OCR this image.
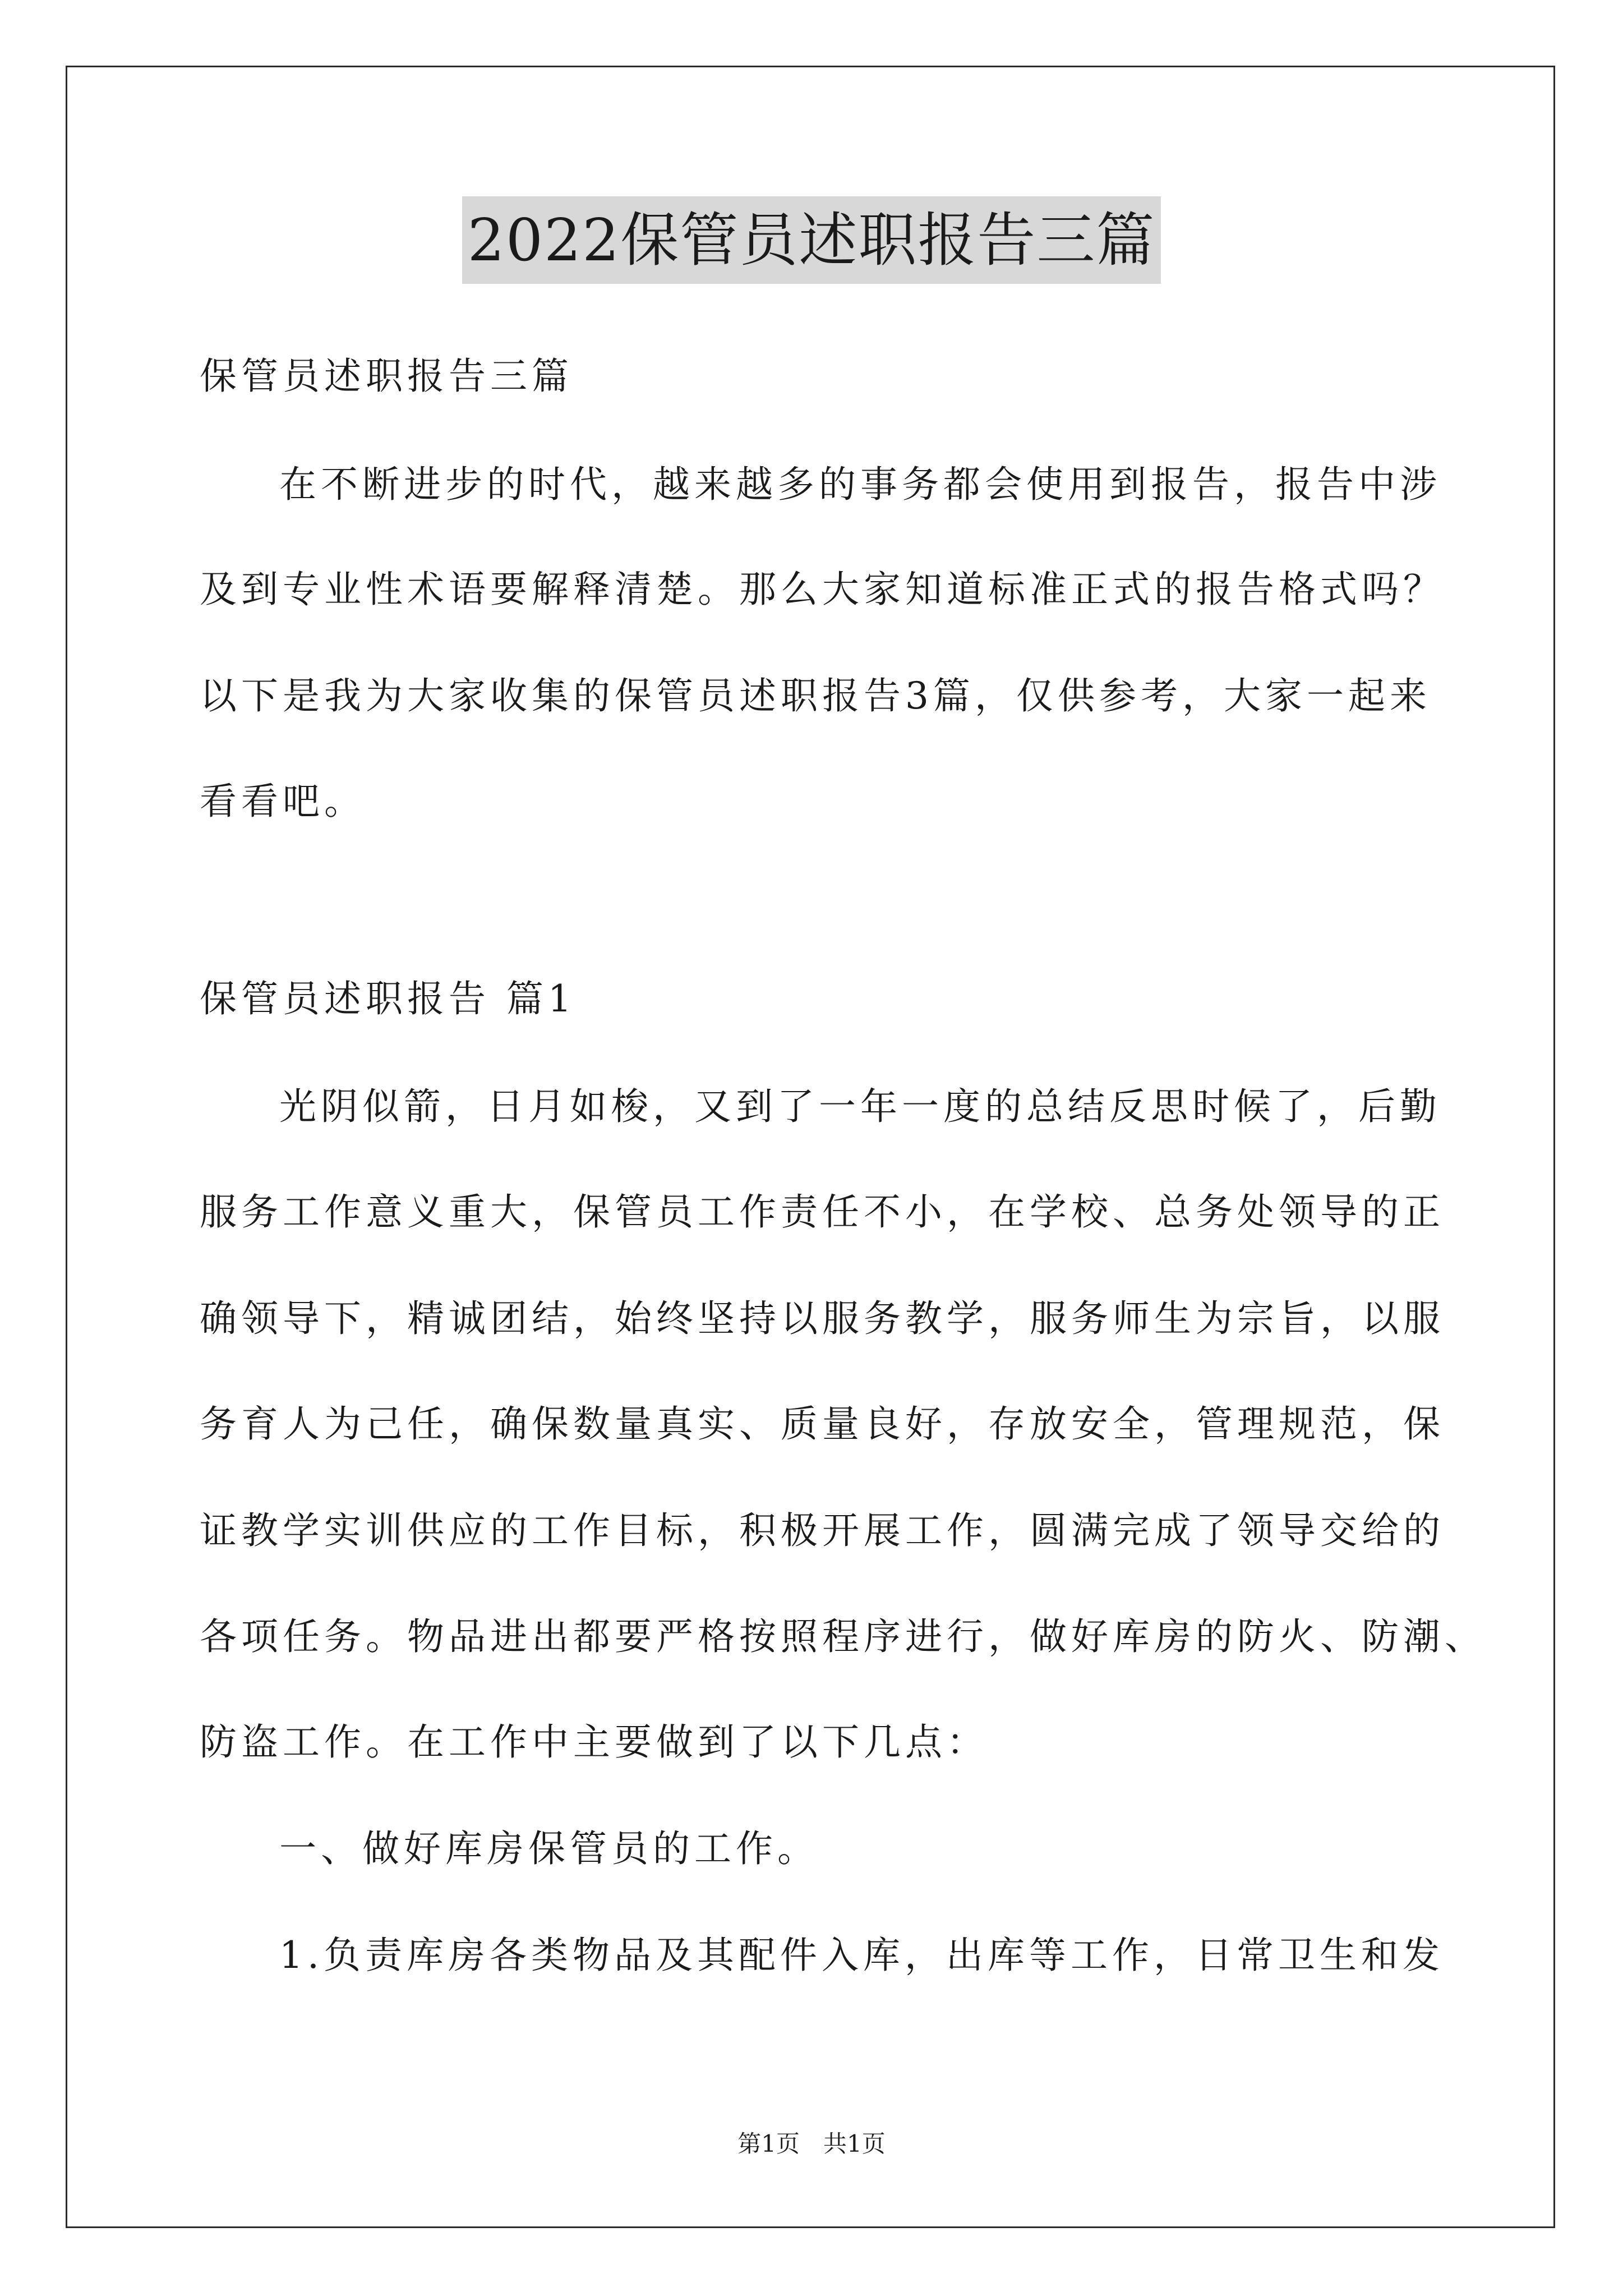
2022保管员述职报告三篇
保管员述职报告三篇
在不断进步的时代，越来越多的事务都会使用到报告，报告中涉
及到专业性术语要解释清楚。那么大家知道标准正式的报告格式吗？
以下是我为大家收集的保管员述职报告3篇，仅供参考，大家一起来
看看吧。
保管员述职报告 篇1
光阴似箭，日月如梭，又到了一年一度的总结反思时候了，后勤
服务工作意义重大，保管员工作责任不小，在学校、总务处领导的正
确领导下，精诚团结，始终坚持以服务教学，服务师生为宗旨，以服
务育人为己任，确保数量真实、质量良好，存放安全，管理规范，保
证教学实训供应的工作目标，积极开展工作，圆满完成了领导交给的
各项任务。物品进出都要严格按照程序进行，做好库房的防火、防潮、
防盗工作。在工作中主要做到了以下几点：
一、做好库房保管员的工作。
1.负责库房各类物品及其配件入库，出库等工作，日常卫生和发
第1页　共1页
